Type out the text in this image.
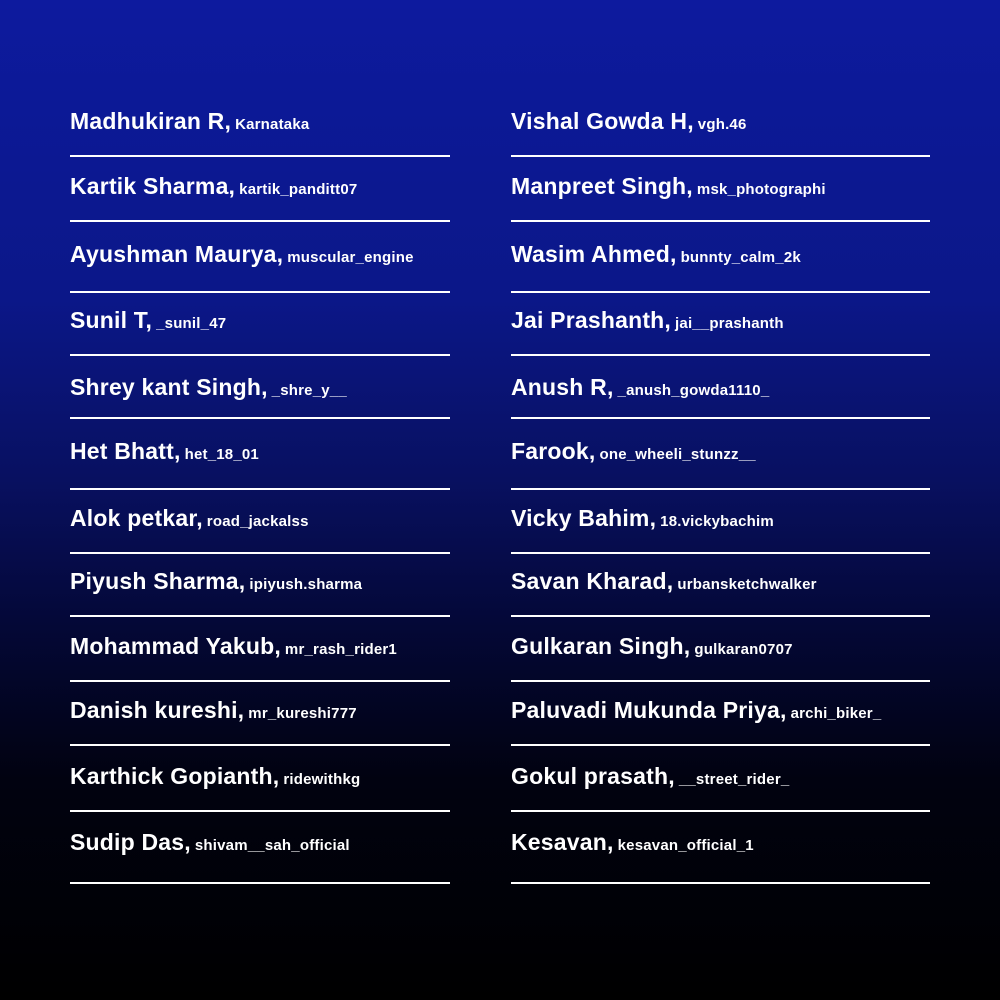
Madhukiran R, Karnataka
Kartik Sharma, kartik_panditt07
Ayushman Maurya, muscular_engine
Sunil T, _sunil_47
Shrey kant Singh, _shre_y__
Het Bhatt, het_18_01
Alok petkar, road_jackalss
Piyush Sharma, ipiyush.sharma
Mohammad Yakub, mr_rash_rider1
Danish kureshi, mr_kureshi777
Karthick Gopianth, ridewithkg
Sudip Das, shivam__sah_official
Vishal Gowda H, vgh.46
Manpreet Singh, msk_photographi
Wasim Ahmed, bunnty_calm_2k
Jai Prashanth, jai__prashanth
Anush R, _anush_gowda1110_
Farook, one_wheeli_stunzz__
Vicky Bahim, 18.vickybachim
Savan Kharad, urbansketchwalker
Gulkaran Singh, gulkaran0707
Paluvadi Mukunda Priya, archi_biker_
Gokul prasath, __street_rider_
Kesavan, kesavan_official_1
